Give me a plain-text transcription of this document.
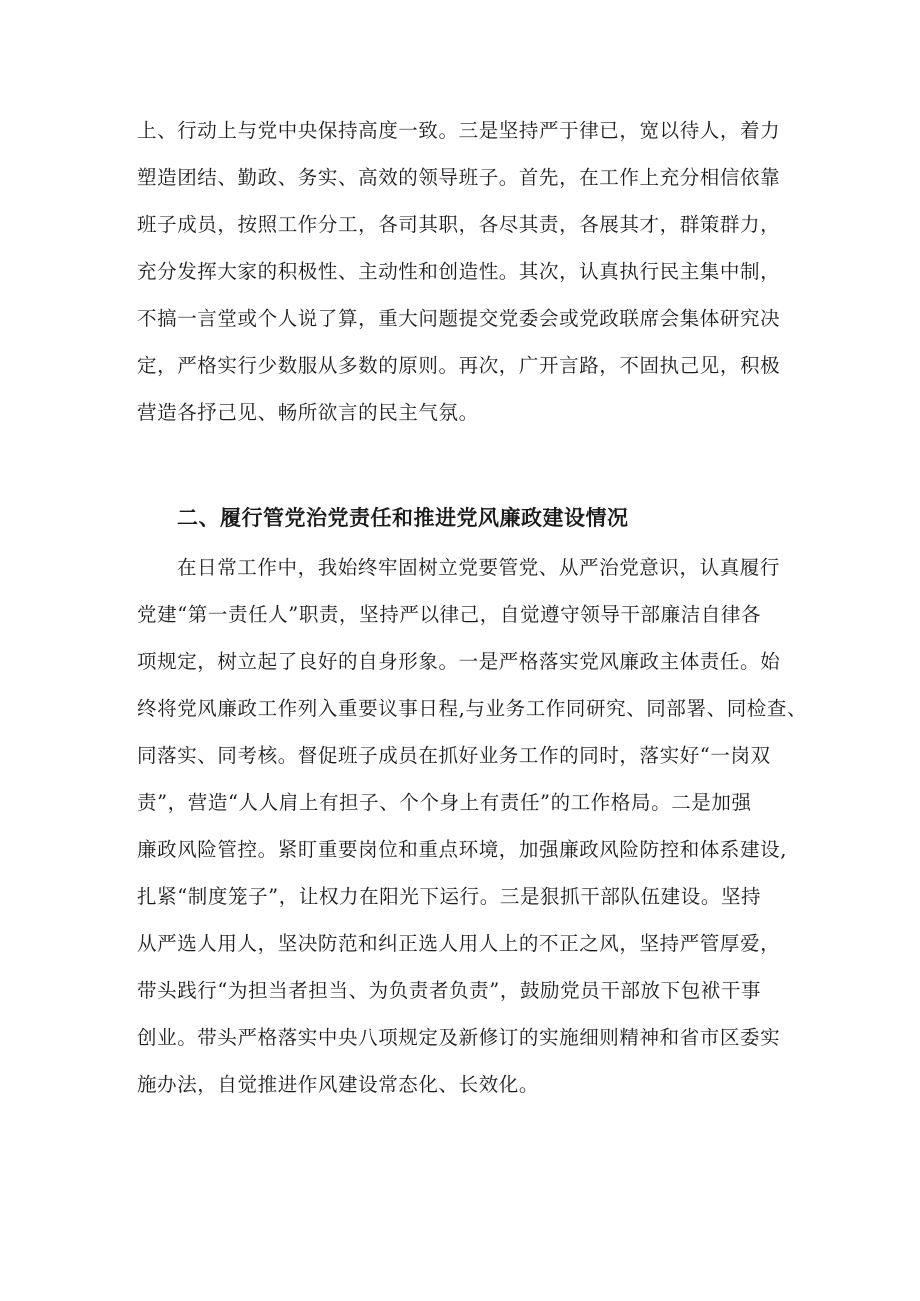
上、行动上与党中央保持高度一致。三是坚持严于律已，宽以待人，着力
塑造团结、勤政、务实、高效的领导班子。首先，在工作上充分相信依靠
班子成员，按照工作分工，各司其职，各尽其责，各展其才，群策群力，
充分发挥大家的积极性、主动性和创造性。其次，认真执行民主集中制，
不搞一言堂或个人说了算，重大问题提交党委会或党政联席会集体研究决
定，严格实行少数服从多数的原则。再次，广开言路，不固执己见，积极
营造各抒己见、畅所欲言的民主气氛。
二、履行管党治党责任和推进党风廉政建设情况
在日常工作中，我始终牢固树立党要管党、从严治党意识，认真履行
党建“第一责任人”职责，坚持严以律己，自觉遵守领导干部廉洁自律各
项规定，树立起了良好的自身形象。一是严格落实党风廉政主体责任。始
终将党风廉政工作列入重要议事日程,与业务工作同研究、同部署、同检查、
同落实、同考核。督促班子成员在抓好业务工作的同时，落实好“一岗双
责”，营造“人人肩上有担子、个个身上有责任”的工作格局。二是加强
廉政风险管控。紧盯重要岗位和重点环境，加强廉政风险防控和体系建设,
扎紧“制度笼子”，让权力在阳光下运行。三是狠抓干部队伍建设。坚持
从严选人用人，坚决防范和纠正选人用人上的不正之风，坚持严管厚爱，
带头践行“为担当者担当、为负责者负责”，鼓励党员干部放下包袱干事
创业。带头严格落实中央八项规定及新修订的实施细则精神和省市区委实
施办法，自觉推进作风建设常态化、长效化。
